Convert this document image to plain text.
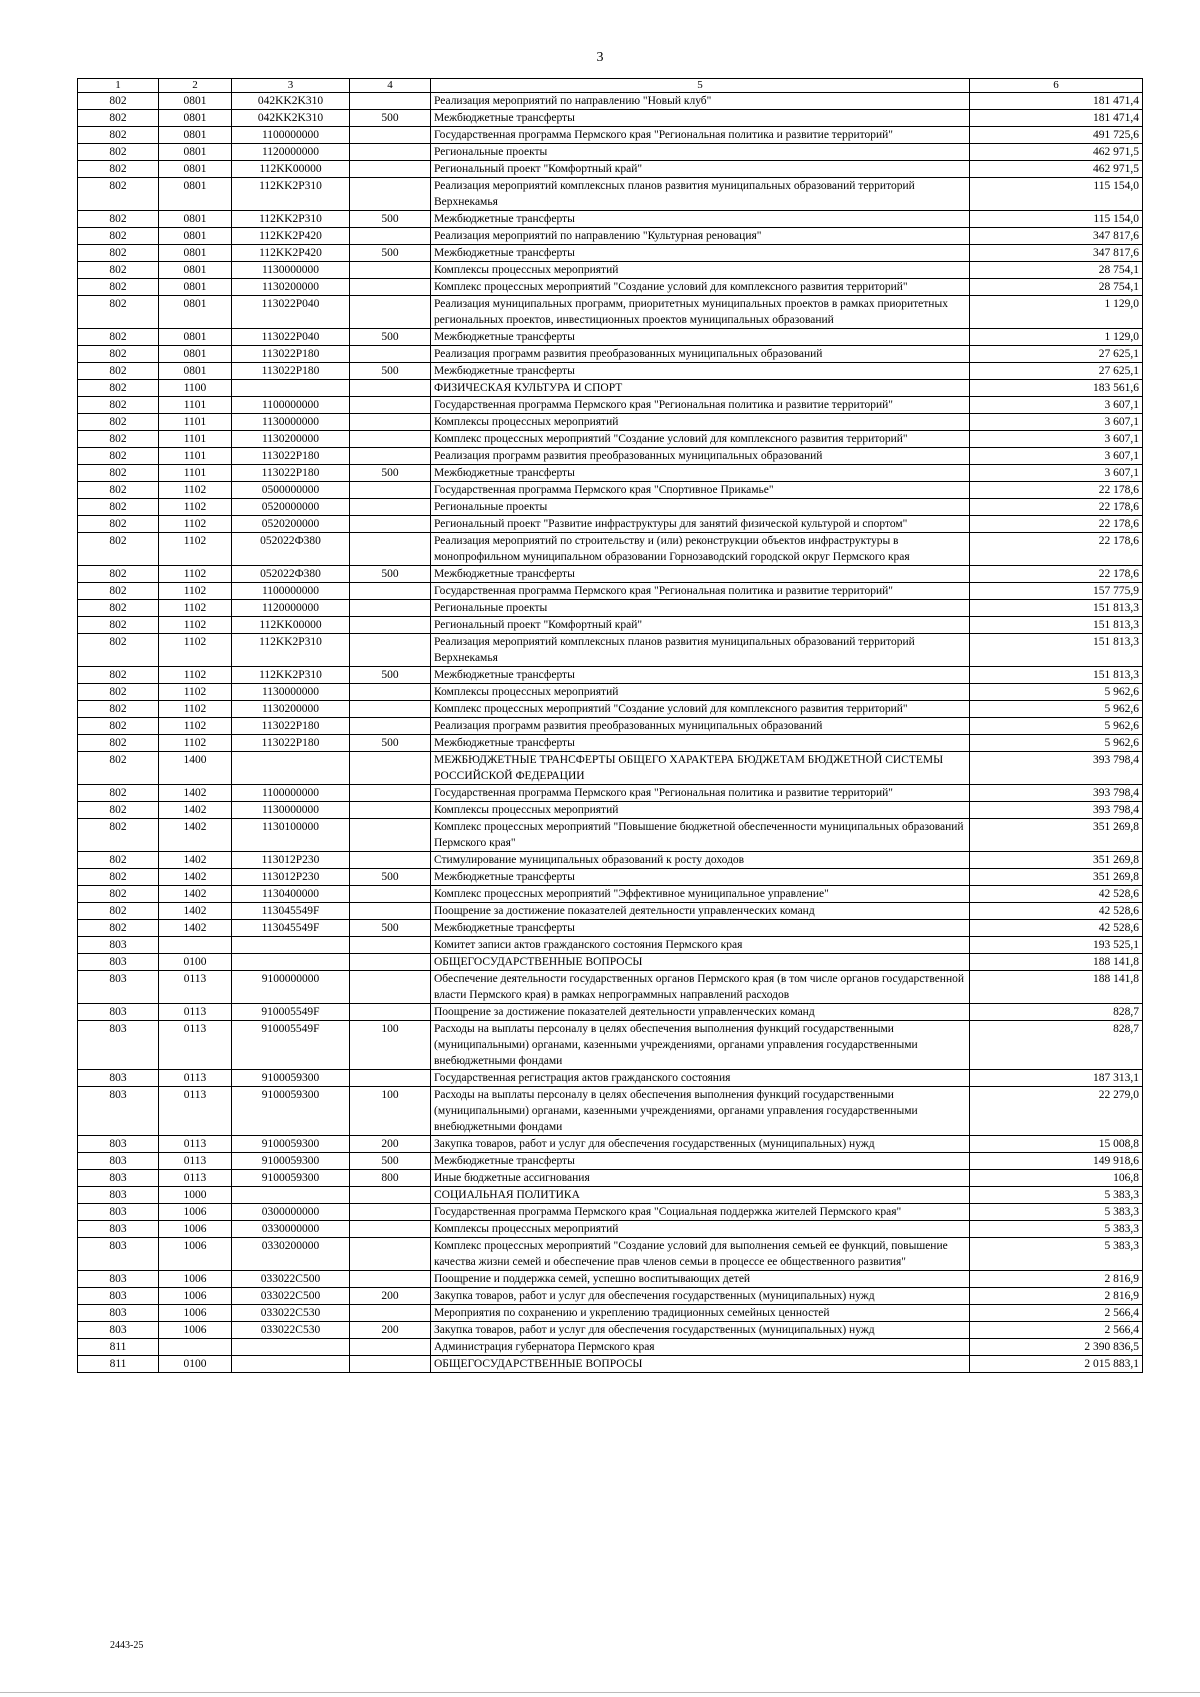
3
1	2	3	4	5	6
802	0801	042KK2K310		Реализация мероприятий по направлению "Новый клуб"	181 471,4
802	0801	042KK2K310	500	Межбюджетные трансферты	181 471,4
802	0801	1100000000		Государственная программа Пермского края "Региональная политика и развитие территорий"	491 725,6
802	0801	1120000000		Региональные проекты	462 971,5
802	0801	112KK00000		Региональный проект "Комфортный край"	462 971,5
802	0801	112KK2P310		Реализация мероприятий комплексных планов развития муниципальных образований территорий Верхнекамья	115 154,0
802	0801	112KK2P310	500	Межбюджетные трансферты	115 154,0
802	0801	112KK2P420		Реализация мероприятий по направлению "Культурная реновация"	347 817,6
802	0801	112KK2P420	500	Межбюджетные трансферты	347 817,6
802	0801	1130000000		Комплексы процессных мероприятий	28 754,1
802	0801	1130200000		Комплекс процессных мероприятий "Создание условий для комплексного развития территорий"	28 754,1
802	0801	113022P040		Реализация муниципальных программ, приоритетных муниципальных проектов в рамках приоритетных региональных проектов, инвестиционных проектов муниципальных образований	1 129,0
802	0801	113022P040	500	Межбюджетные трансферты	1 129,0
802	0801	113022P180		Реализация программ развития преобразованных муниципальных образований	27 625,1
802	0801	113022P180	500	Межбюджетные трансферты	27 625,1
802	1100			ФИЗИЧЕСКАЯ КУЛЬТУРА И СПОРТ	183 561,6
802	1101	1100000000		Государственная программа Пермского края "Региональная политика и развитие территорий"	3 607,1
802	1101	1130000000		Комплексы процессных мероприятий	3 607,1
802	1101	1130200000		Комплекс процессных мероприятий "Создание условий для комплексного развития территорий"	3 607,1
802	1101	113022P180		Реализация программ развития преобразованных муниципальных образований	3 607,1
802	1101	113022P180	500	Межбюджетные трансферты	3 607,1
802	1102	0500000000		Государственная программа Пермского края "Спортивное Прикамье"	22 178,6
802	1102	0520000000		Региональные проекты	22 178,6
802	1102	0520200000		Региональный проект "Развитие инфраструктуры для занятий физической культурой и спортом"	22 178,6
802	1102	052022Ф380		Реализация мероприятий по строительству и (или) реконструкции объектов инфраструктуры в монопрофильном муниципальном образовании Горнозаводский городской округ Пермского края	22 178,6
802	1102	052022Ф380	500	Межбюджетные трансферты	22 178,6
802	1102	1100000000		Государственная программа Пермского края "Региональная политика и развитие территорий"	157 775,9
802	1102	1120000000		Региональные проекты	151 813,3
802	1102	112KK00000		Региональный проект "Комфортный край"	151 813,3
802	1102	112KK2P310		Реализация мероприятий комплексных планов развития муниципальных образований территорий Верхнекамья	151 813,3
802	1102	112KK2P310	500	Межбюджетные трансферты	151 813,3
802	1102	1130000000		Комплексы процессных мероприятий	5 962,6
802	1102	1130200000		Комплекс процессных мероприятий "Создание условий для комплексного развития территорий"	5 962,6
802	1102	113022P180		Реализация программ развития преобразованных муниципальных образований	5 962,6
802	1102	113022P180	500	Межбюджетные трансферты	5 962,6
802	1400			МЕЖБЮДЖЕТНЫЕ ТРАНСФЕРТЫ ОБЩЕГО ХАРАКТЕРА БЮДЖЕТАМ БЮДЖЕТНОЙ СИСТЕМЫ РОССИЙСКОЙ ФЕДЕРАЦИИ	393 798,4
802	1402	1100000000		Государственная программа Пермского края "Региональная политика и развитие территорий"	393 798,4
802	1402	1130000000		Комплексы процессных мероприятий	393 798,4
802	1402	1130100000		Комплекс процессных мероприятий "Повышение бюджетной обеспеченности муниципальных образований Пермского края"	351 269,8
802	1402	113012P230		Стимулирование муниципальных образований к росту доходов	351 269,8
802	1402	113012P230	500	Межбюджетные трансферты	351 269,8
802	1402	1130400000		Комплекс процессных мероприятий "Эффективное муниципальное управление"	42 528,6
802	1402	113045549F		Поощрение за достижение показателей деятельности управленческих команд	42 528,6
802	1402	113045549F	500	Межбюджетные трансферты	42 528,6
803				Комитет записи актов гражданского состояния Пермского края	193 525,1
803	0100			ОБЩЕГОСУДАРСТВЕННЫЕ ВОПРОСЫ	188 141,8
803	0113	9100000000		Обеспечение деятельности государственных органов Пермского края (в том числе органов государственной власти Пермского края) в рамках непрограммных направлений расходов	188 141,8
803	0113	910005549F		Поощрение за достижение показателей деятельности управленческих команд	828,7
803	0113	910005549F	100	Расходы на выплаты персоналу в целях обеспечения выполнения функций государственными (муниципальными) органами, казенными учреждениями, органами управления государственными внебюджетными фондами	828,7
803	0113	9100059300		Государственная регистрация актов гражданского состояния	187 313,1
803	0113	9100059300	100	Расходы на выплаты персоналу в целях обеспечения выполнения функций государственными (муниципальными) органами, казенными учреждениями, органами управления государственными внебюджетными фондами	22 279,0
803	0113	9100059300	200	Закупка товаров, работ и услуг для обеспечения государственных (муниципальных) нужд	15 008,8
803	0113	9100059300	500	Межбюджетные трансферты	149 918,6
803	0113	9100059300	800	Иные бюджетные ассигнования	106,8
803	1000			СОЦИАЛЬНАЯ ПОЛИТИКА	5 383,3
803	1006	0300000000		Государственная программа Пермского края "Социальная поддержка жителей Пермского края"	5 383,3
803	1006	0330000000		Комплексы процессных мероприятий	5 383,3
803	1006	0330200000		Комплекс процессных мероприятий "Создание условий для выполнения семьей ее функций, повышение качества жизни семей и обеспечение прав членов семьи в процессе ее общественного развития"	5 383,3
803	1006	033022C500		Поощрение и поддержка семей, успешно воспитывающих детей	2 816,9
803	1006	033022C500	200	Закупка товаров, работ и услуг для обеспечения государственных (муниципальных) нужд	2 816,9
803	1006	033022C530		Мероприятия по сохранению и укреплению традиционных семейных ценностей	2 566,4
803	1006	033022C530	200	Закупка товаров, работ и услуг для обеспечения государственных (муниципальных) нужд	2 566,4
811				Администрация губернатора Пермского края	2 390 836,5
811	0100			ОБЩЕГОСУДАРСТВЕННЫЕ ВОПРОСЫ	2 015 883,1
2443-25
